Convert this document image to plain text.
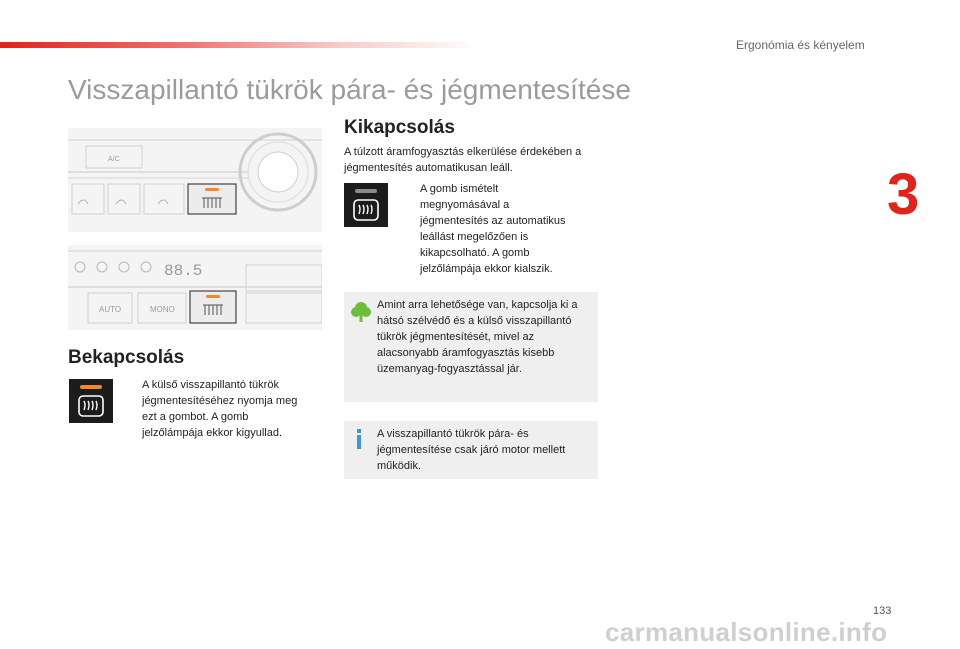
Ergonómia és kényelem
3
Visszapillantó tükrök pára- és jégmentesítése
A/C
88.5
AUTO	MONO
Bekapcsolás
A külső visszapillantó tükrök jégmentesítéséhez nyomja meg ezt a gombot. A gomb jelzőlámpája ekkor kigyullad.
Kikapcsolás

A túlzott áramfogyasztás elkerülése érdekében a jégmentesítés automatikusan leáll.

A gomb ismételt megnyomásával a jégmentesítés az automatikus leállást megelőzően is kikapcsolható. A gomb jelzőlámpája ekkor kialszik.
Amint arra lehetősége van, kapcsolja ki a hátsó szélvédő és a külső visszapillantó tükrök jégmentesítését, mivel az alacsonyabb áramfogyasztás kisebb üzemanyag-fogyasztással jár.
A visszapillantó tükrök pára- és jégmentesítése csak járó motor mellett működik.
133
carmanualsonline.info
